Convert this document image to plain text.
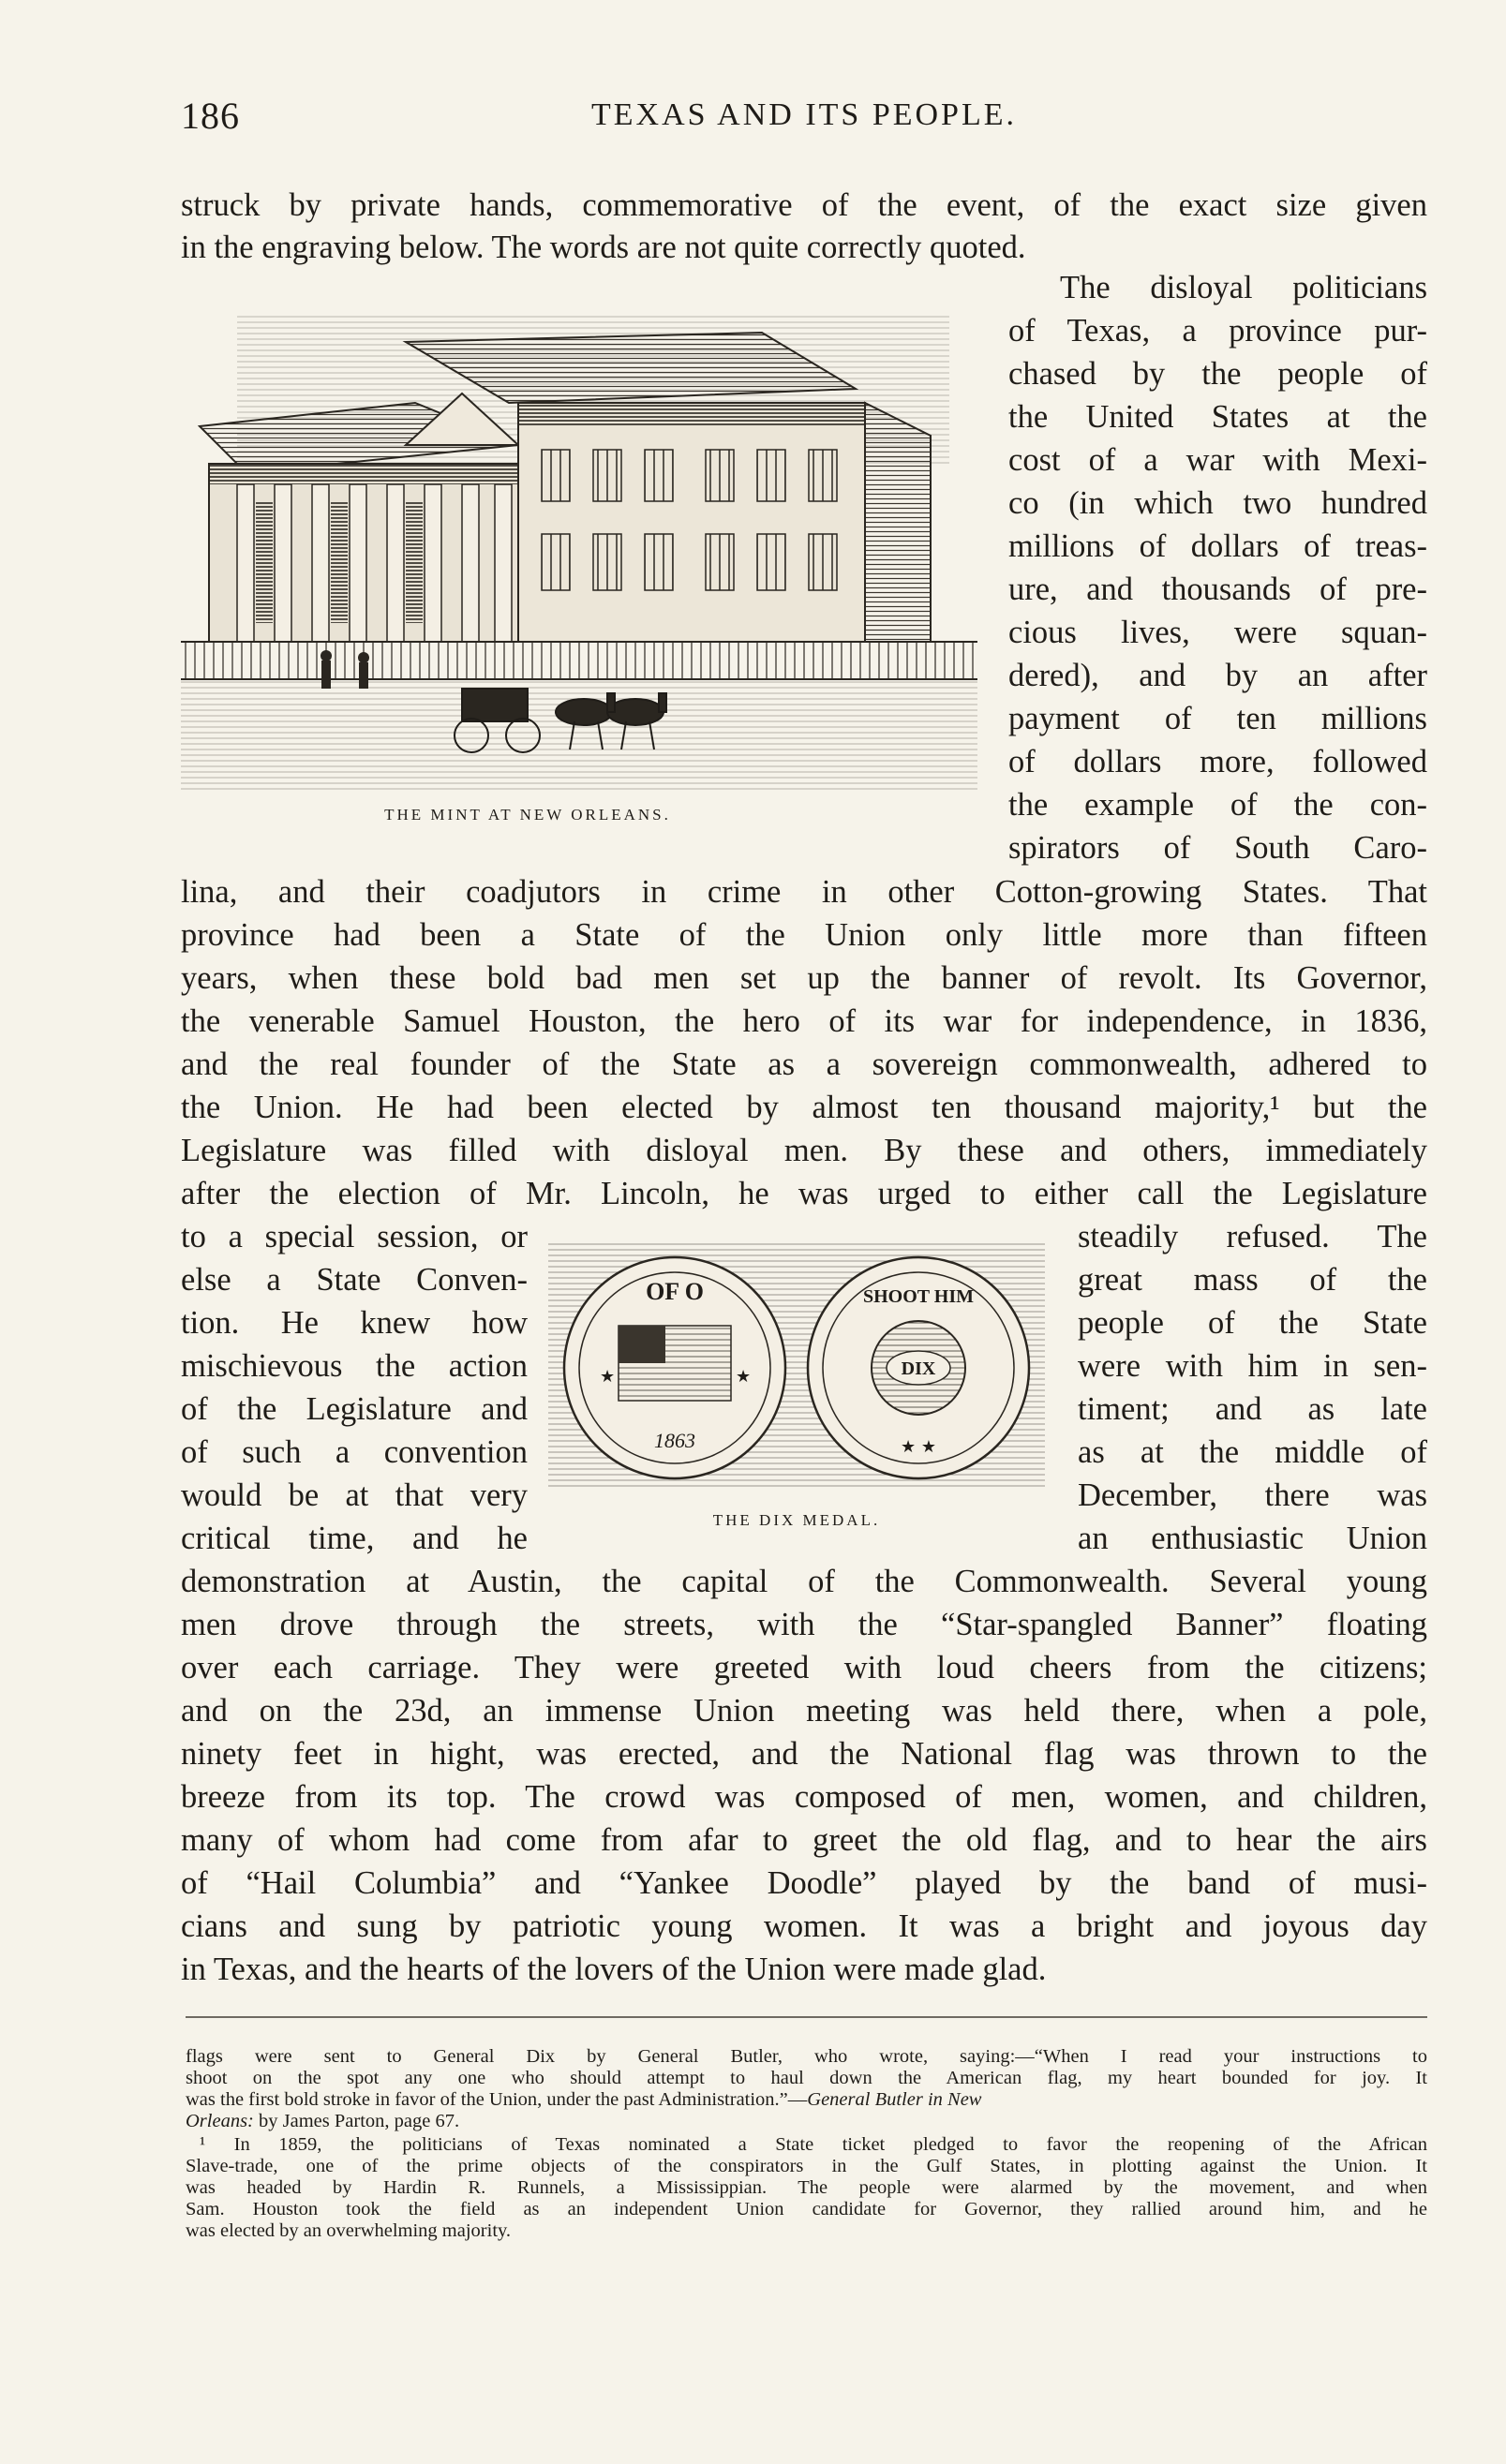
186	TEXAS AND ITS PEOPLE.
THE MINT AT NEW ORLEANS.
OF O
1863
★	★	DIX
SHOOT HIM
★ ★
THE DIX MEDAL.

struck by private hands, commemorative of the event, of the exact size given

in the engraving below. The words are not quite correctly quoted.

The disloyal politicians

of Texas, a province pur-

chased by the people of

the United States at the

cost of a war with Mexi-

co (in which two hundred

millions of dollars of treas-

ure, and thousands of pre-

cious lives, were squan-

dered), and by an after

payment of ten millions

of dollars more, followed

the example of the con-

spirators of South Caro-

lina, and their coadjutors in crime in other Cotton-growing States. That

province had been a State of the Union only little more than fifteen

years, when these bold bad men set up the banner of revolt. Its Governor,

the venerable Samuel Houston, the hero of its war for independence, in 1836,

and the real founder of the State as a sovereign commonwealth, adhered to

the Union. He had been elected by almost ten thousand majority,¹ but the

Legislature was filled with disloyal men. By these and others, immediately

after the election of Mr. Lincoln, he was urged to either call the Legislature

to a special session, or

else a State Conven-

tion. He knew how

mischievous the action

of the Legislature and

of such a convention

would be at that very

critical time, and he

steadily refused. The

great mass of the

people of the State

were with him in sen-

timent; and as late

as at the middle of

December, there was

an enthusiastic Union

demonstration at Austin, the capital of the Commonwealth. Several young

men drove through the streets, with the “Star-spangled Banner” floating

over each carriage. They were greeted with loud cheers from the citizens;

and on the 23d, an immense Union meeting was held there, when a pole,

ninety feet in hight, was erected, and the National flag was thrown to the

breeze from its top. The crowd was composed of men, women, and children,

many of whom had come from afar to greet the old flag, and to hear the airs

of “Hail Columbia” and “Yankee Doodle” played by the band of musi-

cians and sung by patriotic young women. It was a bright and joyous day

in Texas, and the hearts of the lovers of the Union were made glad.

flags were sent to General Dix by General Butler, who wrote, saying:—“When I read your instructions to

shoot on the spot any one who should attempt to haul down the American flag, my heart bounded for joy. It

was the first bold stroke in favor of the Union, under the past Administration.”—General Butler in New

Orleans: by James Parton, page 67.

¹ In 1859, the politicians of Texas nominated a State ticket pledged to favor the reopening of the African

Slave-trade, one of the prime objects of the conspirators in the Gulf States, in plotting against the Union. It

was headed by Hardin R. Runnels, a Mississippian. The people were alarmed by the movement, and when

Sam. Houston took the field as an independent Union candidate for Governor, they rallied around him, and he

was elected by an overwhelming majority.
